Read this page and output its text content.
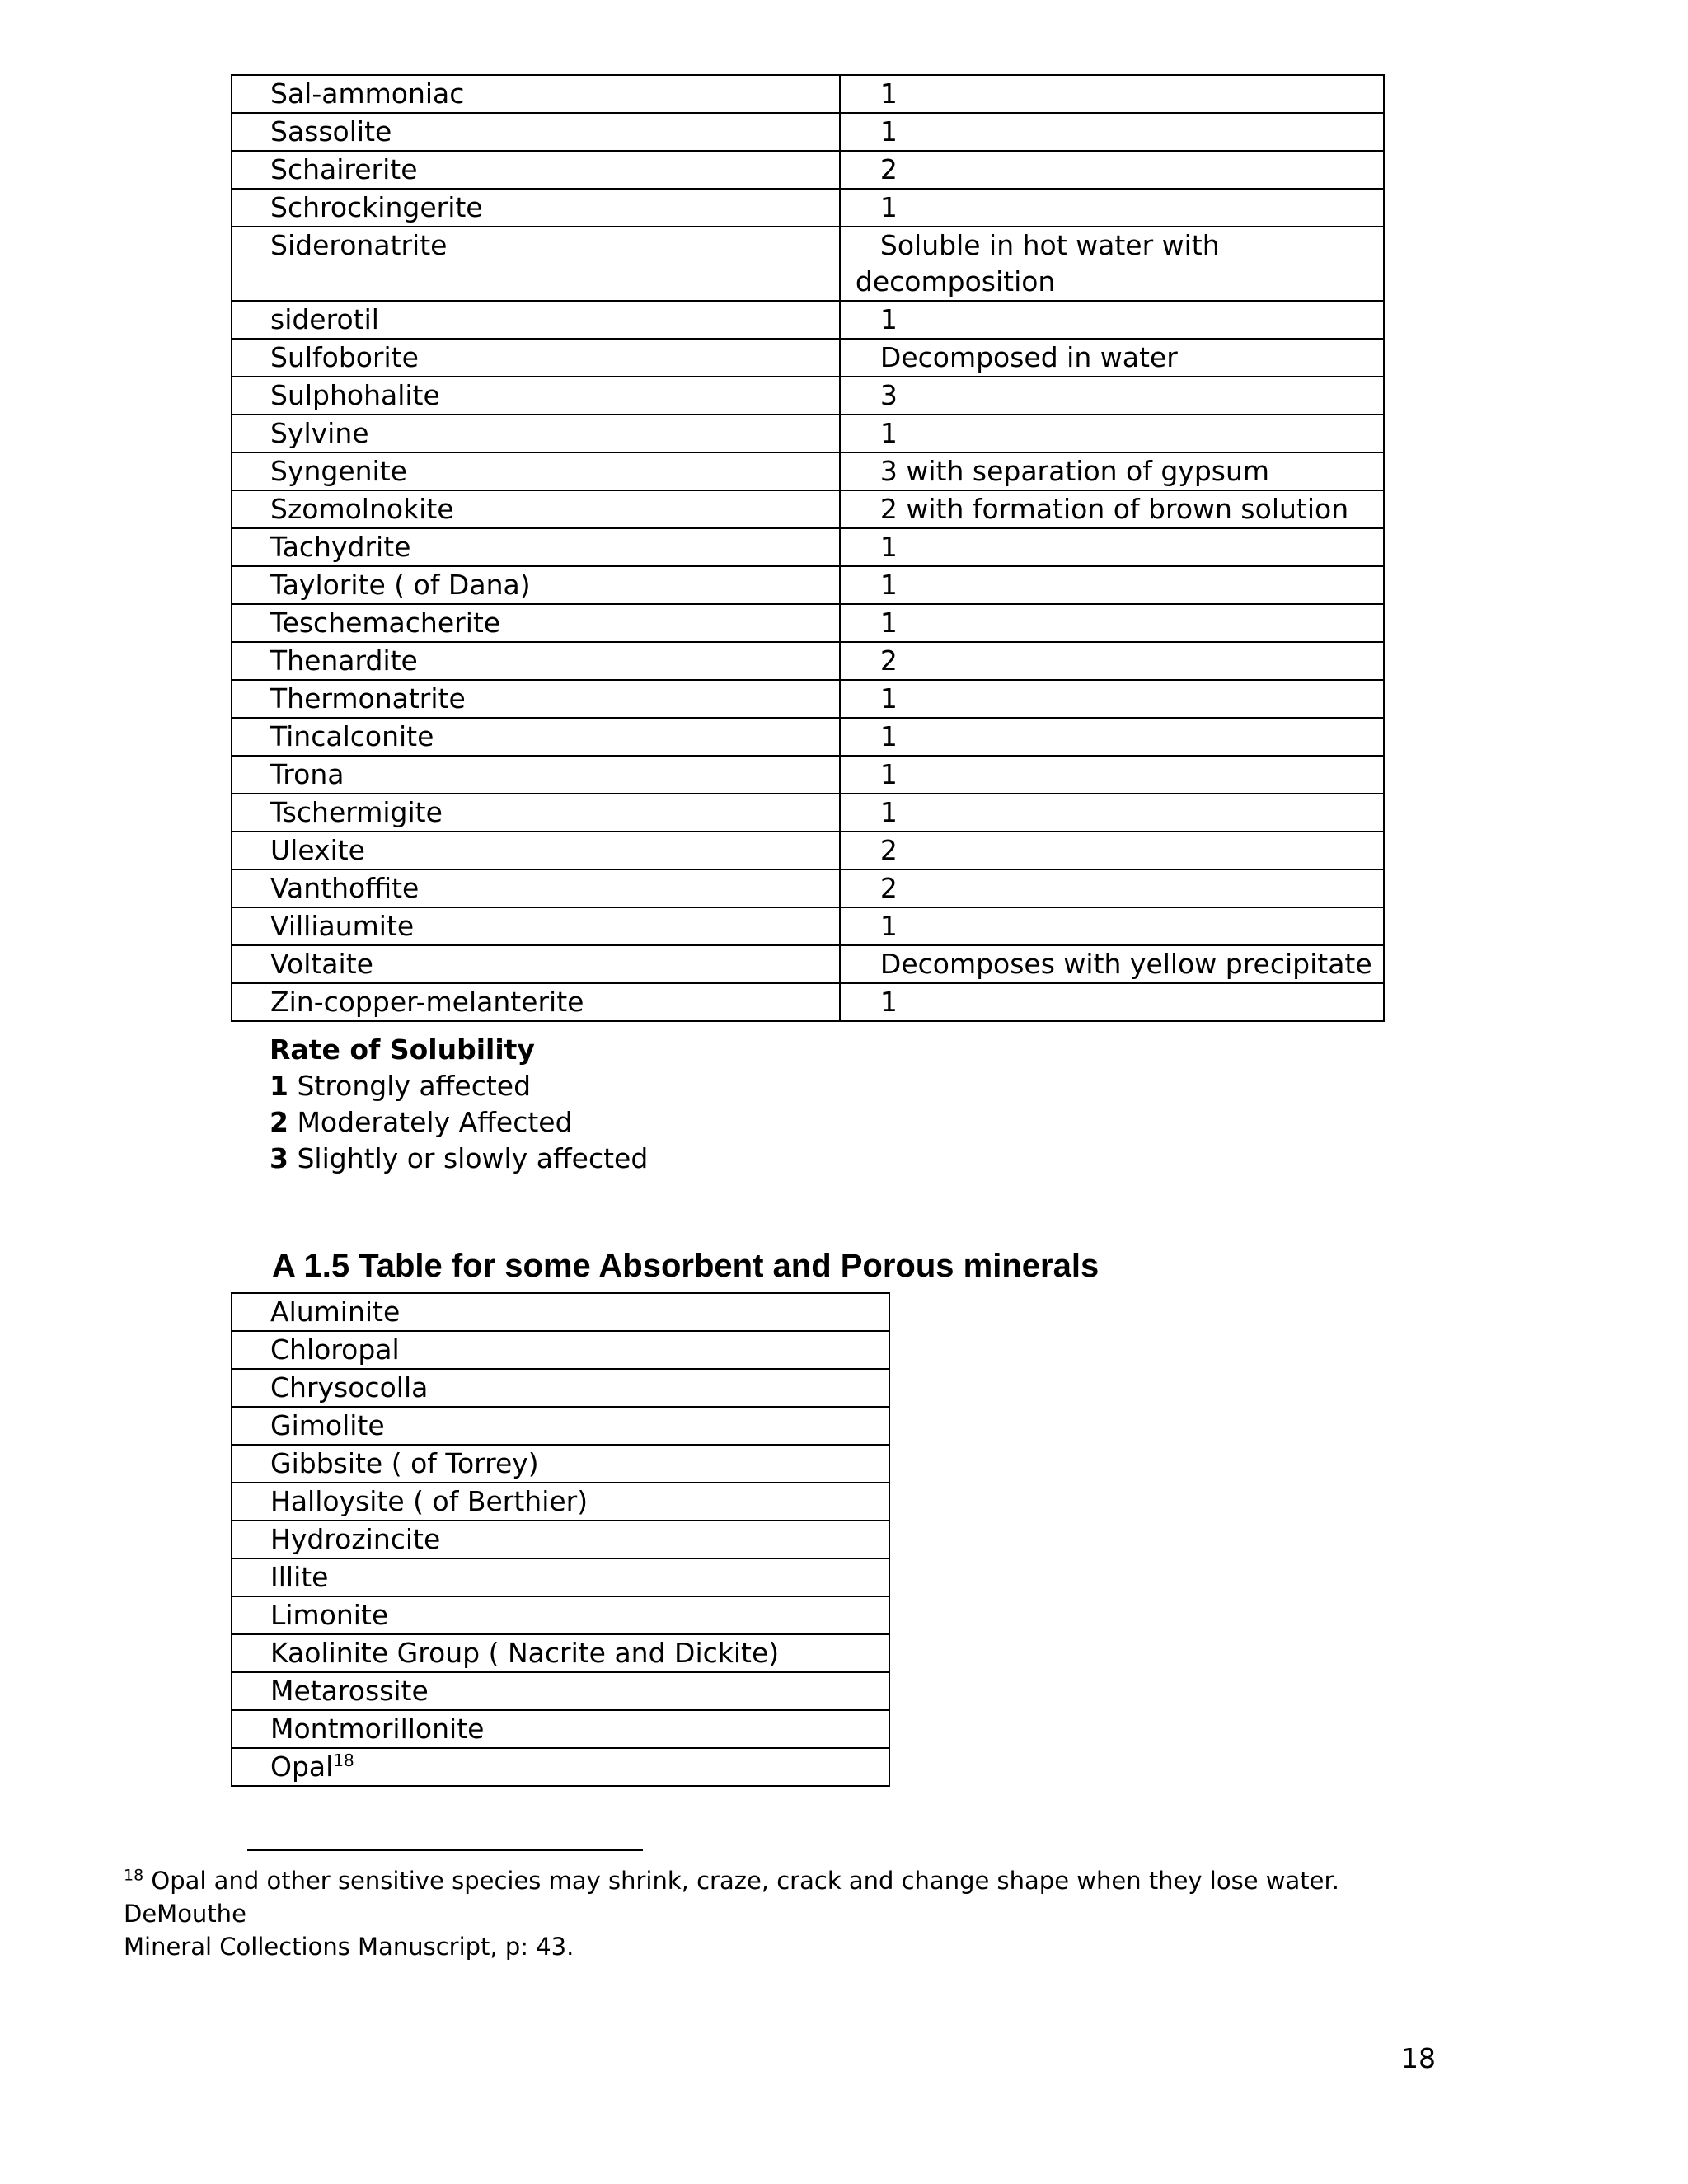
Sal-ammoniac	1
Sassolite	1
Schairerite	2
Schrockingerite	1
Sideronatrite	Soluble in hot water with
decomposition

siderotil	1
Sulfoborite	Decomposed in water
Sulphohalite	3
Sylvine	1
Syngenite	3 with separation of gypsum
Szomolnokite	2 with formation of brown solution
Tachydrite	1
Taylorite ( of Dana)	1
Teschemacherite	1
Thenardite	2
Thermonatrite	1
Tincalconite	1
Trona	1
Tschermigite	1
Ulexite	2
Vanthoffite	2
Villiaumite	1
Voltaite	Decomposes with yellow precipitate
Zin-copper-melanterite	1
Rate of Solubility
1 Strongly affected
2 Moderately Affected
3 Slightly or slowly affected
A 1.5 Table for some Absorbent and Porous minerals
Aluminite
Chloropal
Chrysocolla
Gimolite
Gibbsite ( of Torrey)
Halloysite ( of Berthier)
Hydrozincite
Illite
Limonite
Kaolinite Group ( Nacrite and Dickite)
Metarossite
Montmorillonite
Opal$^{18}$
$^{18}$ Opal and other sensitive species may shrink, craze, crack and change shape when they lose water. DeMouthe
Mineral Collections Manuscript, p: 43.
18
